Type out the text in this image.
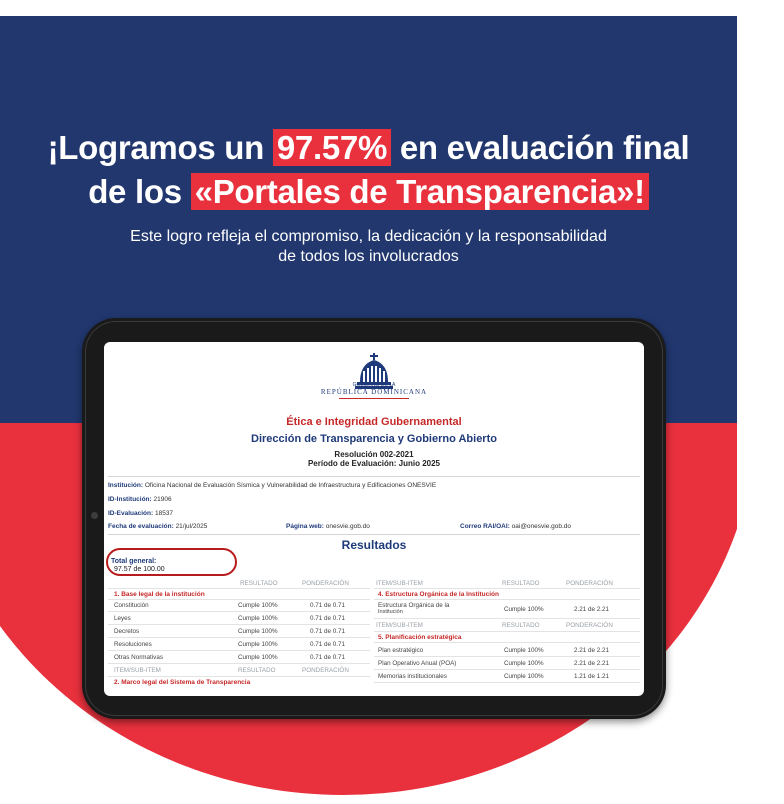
¡Logramos un 97.57% en evaluación final
de los «Portales de Transparencia»!
Este logro refleja el compromiso, la dedicación y la responsabilidad
de todos los involucrados
GOBIERNO DE LA
REPÚBLICA DOMINICANA
Ética e Integridad Gubernamental
Dirección de Transparencia y Gobierno Abierto
Resolución 002-2021
Período de Evaluación: Junio 2025
Institución: Oficina Nacional de Evaluación Sísmica y Vulnerabilidad de Infraestructura y Edificaciones ONESVIE
ID-Institución: 21906
ID-Evaluación: 18537
Fecha de evaluación: 21/jul/2025	Página web: onesvie.gob.do	Correo RAI/OAI: oai@onesvie.gob.do
Resultados
Total general:
97.57 de 100.00
RESULTADO	PONDERACIÓN
1. Base legal de la institución
Constitución	Cumple 100%	0.71 de 0.71
Leyes	Cumple 100%	0.71 de 0.71
Decretos	Cumple 100%	0.71 de 0.71
Resoluciones	Cumple 100%	0.71 de 0.71
Otras Normativas	Cumple 100%	0.71 de 0.71
ITEM/SUB-ITEM	RESULTADO	PONDERACIÓN
2. Marco legal del Sistema de Transparencia
ITEM/SUB-ITEM	RESULTADO	PONDERACIÓN
4. Estructura Orgánica de la Institución
Estructura Orgánica de la
Institución	Cumple 100%	2.21 de 2.21
ITEM/SUB-ITEM	RESULTADO	PONDERACIÓN
5. Planificación estratégica
Plan estratégico	Cumple 100%	2.21 de 2.21
Plan Operativo Anual (POA)	Cumple 100%	2.21 de 2.21
Memorias institucionales	Cumple 100%	1.21 de 1.21
